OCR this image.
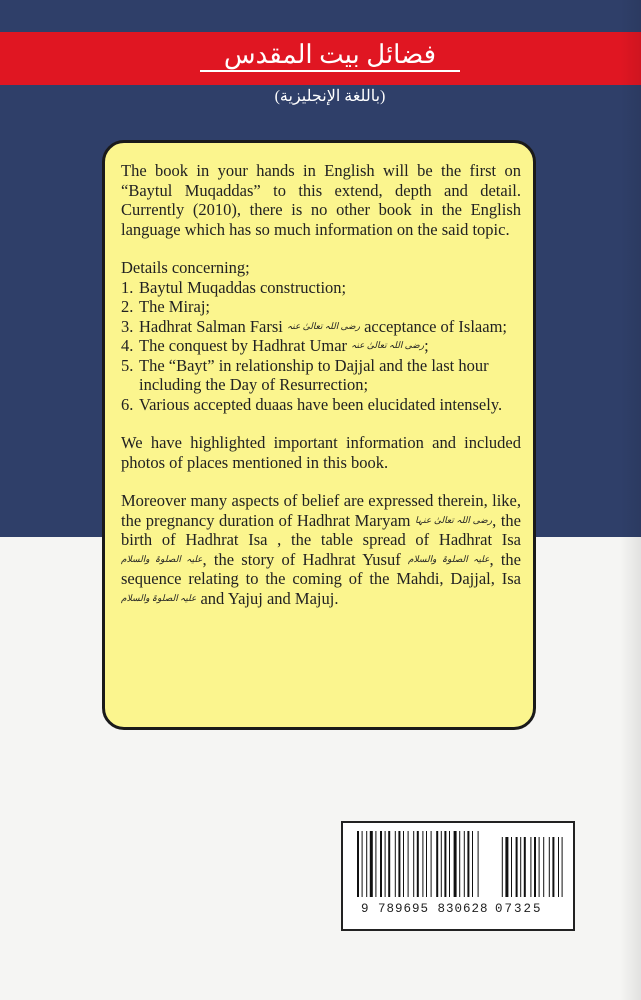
فضائل بيت المقدس
(باللغة الإنجليزية)

The book in your hands in English will be the first on “Baytul Muqaddas” to this extend, depth and detail. Currently (2010), there is no other book in the English language which has so much information on the said topic.

Details concerning;
1. Baytul Muqaddas construction;
2. The Miraj;
3. Hadhrat Salman Farsi رضی اللہ تعالیٰ عنہ acceptance of Islaam;
4. The conquest by Hadhrat Umar رضی اللہ تعالیٰ عنہ;
5. The “Bayt” in relationship to Dajjal and the last hour including the Day of Resurrection;
6. Various accepted duaas have been elucidated intensely.

We have highlighted important information and included photos of places mentioned in this book.

Moreover many aspects of belief are expressed therein, like, the pregnancy duration of Hadhrat Maryam رضی اللہ تعالیٰ عنہا, the birth of Hadhrat Isa , the table spread of Hadhrat Isa علیہ الصلوۃ والسلام, the story of Hadhrat Yusuf علیہ الصلوۃ والسلام, the sequence relating to the coming of the Mahdi, Dajjal, Isa علیہ الصلوۃ والسلام and Yajuj and Majuj.

9 789695 830628 07325
